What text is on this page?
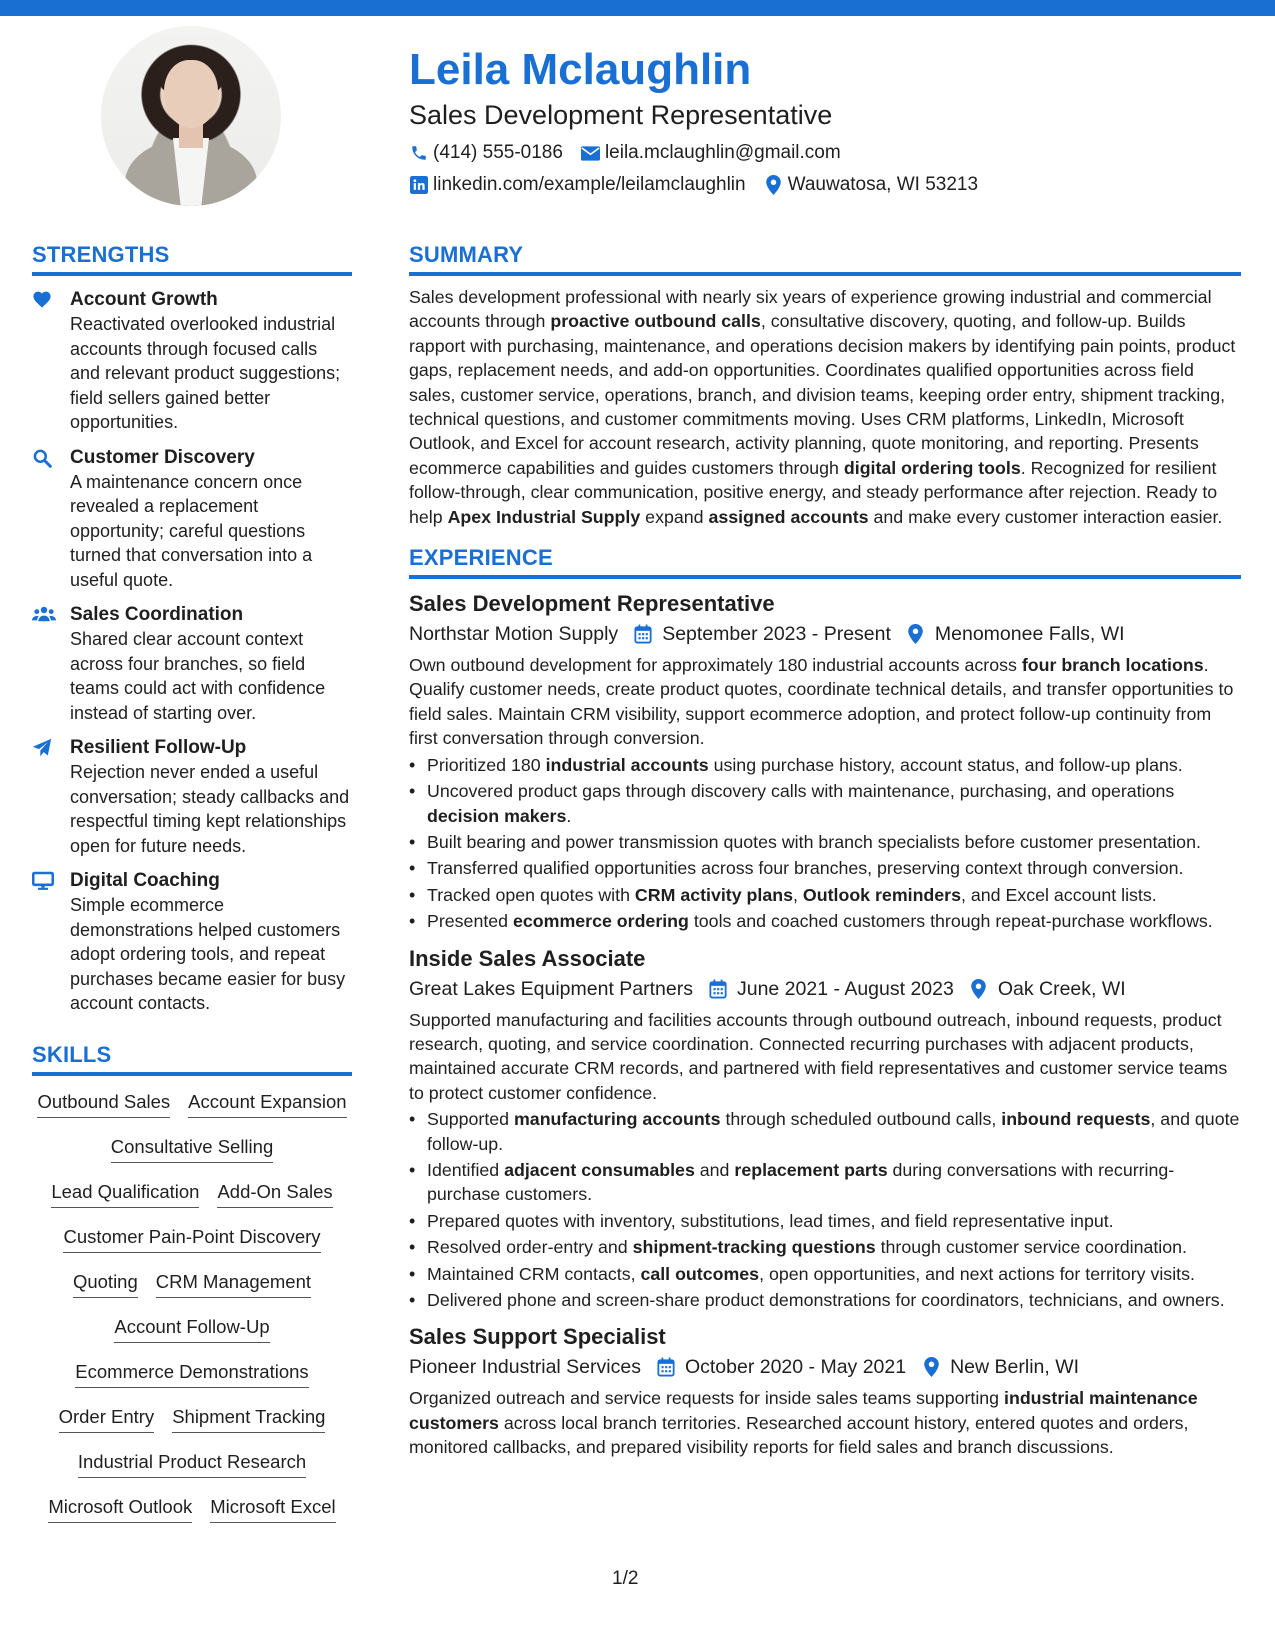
Leila Mclaughlin
Sales Development Representative
(414) 555-0186 leila.mclaughlin@gmail.com
linkedin.com/example/leilamclaughlin Wauwatosa, WI 53213
STRENGTHS
Account Growth
Reactivated overlooked industrial accounts through focused calls and relevant product suggestions; field sellers gained better opportunities.
Customer Discovery
A maintenance concern once revealed a replacement opportunity; careful questions turned that conversation into a useful quote.
Sales Coordination
Shared clear account context across four branches, so field teams could act with confidence instead of starting over.
Resilient Follow-Up
Rejection never ended a useful conversation; steady callbacks and respectful timing kept relationships open for future needs.
Digital Coaching
Simple ecommerce demonstrations helped customers adopt ordering tools, and repeat purchases became easier for busy account contacts.
SKILLS
Outbound Sales Account Expansion
Consultative Selling
Lead Qualification Add-On Sales
Customer Pain-Point Discovery
Quoting CRM Management
Account Follow-Up
Ecommerce Demonstrations
Order Entry Shipment Tracking
Industrial Product Research
Microsoft Outlook Microsoft Excel
SUMMARY

Sales development professional with nearly six years of experience growing industrial and commercial accounts through proactive outbound calls, consultative discovery, quoting, and follow-up. Builds rapport with purchasing, maintenance, and operations decision makers by identifying pain points, product gaps, replacement needs, and add-on opportunities. Coordinates qualified opportunities across field sales, customer service, operations, branch, and division teams, keeping order entry, shipment tracking, technical questions, and customer commitments moving. Uses CRM platforms, LinkedIn, Microsoft Outlook, and Excel for account research, activity planning, quote monitoring, and reporting. Presents ecommerce capabilities and guides customers through digital ordering tools. Recognized for resilient follow-through, clear communication, positive energy, and steady performance after rejection. Ready to help Apex Industrial Supply expand assigned accounts and make every customer interaction easier.

EXPERIENCE
Sales Development Representative
Northstar Motion Supply September 2023 - Present Menomonee Falls, WI

Own outbound development for approximately 180 industrial accounts across four branch locations. Qualify customer needs, create product quotes, coordinate technical details, and transfer opportunities to field sales. Maintain CRM visibility, support ecommerce adoption, and protect follow-up continuity from first conversation through conversion.

• Prioritized 180 industrial accounts using purchase history, account status, and follow-up plans.
• Uncovered product gaps through discovery calls with maintenance, purchasing, and operations decision makers.
• Built bearing and power transmission quotes with branch specialists before customer presentation.
• Transferred qualified opportunities across four branches, preserving context through conversion.
• Tracked open quotes with CRM activity plans, Outlook reminders, and Excel account lists.
• Presented ecommerce ordering tools and coached customers through repeat-purchase workflows.
Inside Sales Associate
Great Lakes Equipment Partners June 2021 - August 2023 Oak Creek, WI

Supported manufacturing and facilities accounts through outbound outreach, inbound requests, product research, quoting, and service coordination. Connected recurring purchases with adjacent products, maintained accurate CRM records, and partnered with field representatives and customer service teams to protect customer confidence.

• Supported manufacturing accounts through scheduled outbound calls, inbound requests, and quote follow-up.
• Identified adjacent consumables and replacement parts during conversations with recurring-purchase customers.
• Prepared quotes with inventory, substitutions, lead times, and field representative input.
• Resolved order-entry and shipment-tracking questions through customer service coordination.
• Maintained CRM contacts, call outcomes, open opportunities, and next actions for territory visits.
• Delivered phone and screen-share product demonstrations for coordinators, technicians, and owners.
Sales Support Specialist
Pioneer Industrial Services October 2020 - May 2021 New Berlin, WI

Organized outreach and service requests for inside sales teams supporting industrial maintenance customers across local branch territories. Researched account history, entered quotes and orders, monitored callbacks, and prepared visibility reports for field sales and branch discussions.

1/2
